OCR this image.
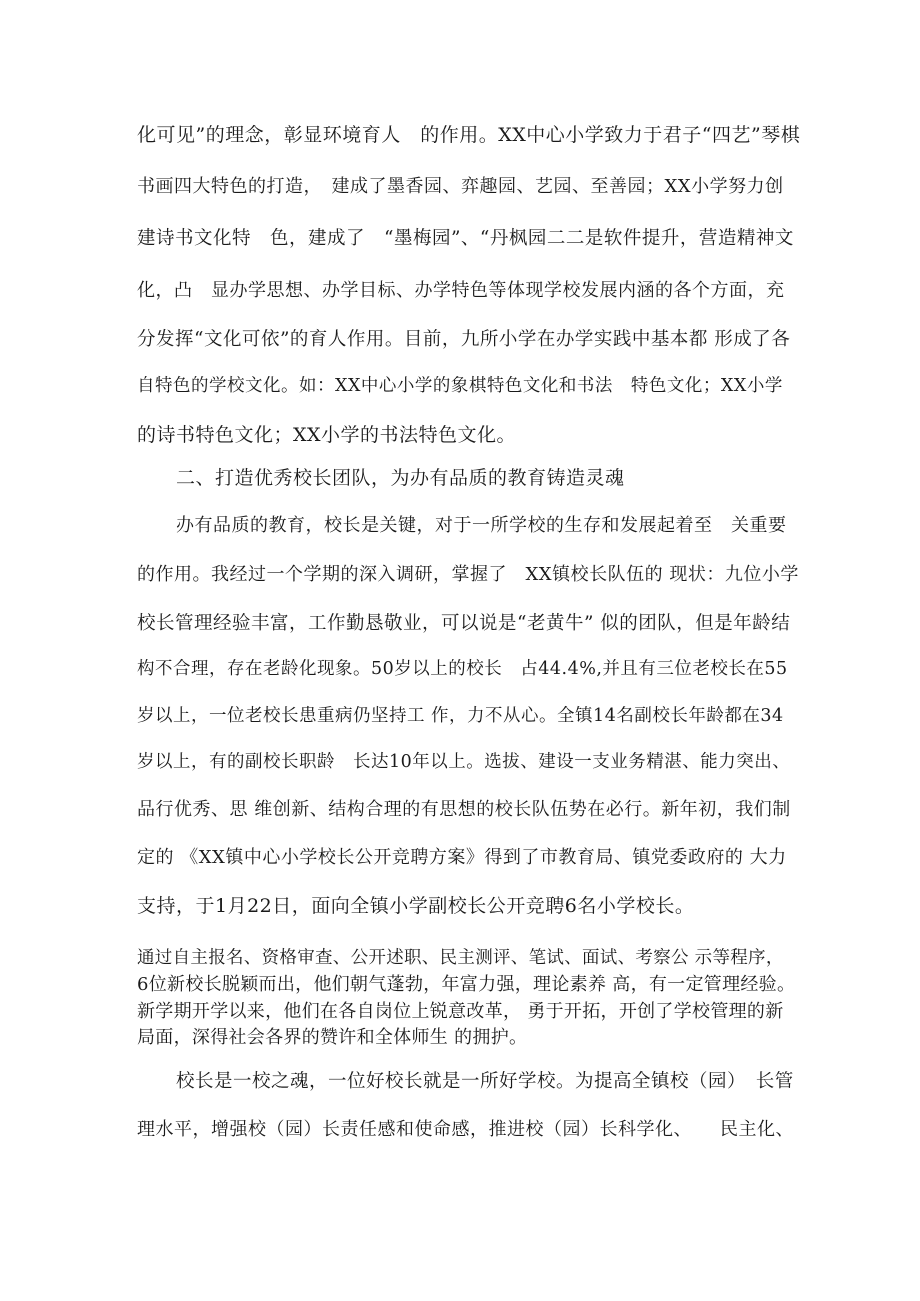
化可见”的理念，彰显环境育人　的作用。XX中心小学致力于君子“四艺”琴棋
书画四大特色的打造，　建成了墨香园、弈趣园、艺园、至善园；XX小学努力创
建诗书文化特　色，建成了　“墨梅园”、“丹枫园二二是软件提升，营造精神文
化，凸　显办学思想、办学目标、办学特色等体现学校发展内涵的各个方面，充
分发挥“文化可依”的育人作用。目前，九所小学在办学实践中基本都 形成了各
自特色的学校文化。如：XX中心小学的象棋特色文化和书法　特色文化；XX小学
的诗书特色文化；XX小学的书法特色文化。
二、打造优秀校长团队，为办有品质的教育铸造灵魂
办有品质的教育，校长是关键，对于一所学校的生存和发展起着至　关重要
的作用。我经过一个学期的深入调研，掌握了　XX镇校长队伍的 现状：九位小学
校长管理经验丰富，工作勤恳敬业，可以说是“老黄牛” 似的团队，但是年龄结
构不合理，存在老龄化现象。50岁以上的校长　占44.4%,并且有三位老校长在55
岁以上，一位老校长患重病仍坚持工 作，力不从心。全镇14名副校长年龄都在34
岁以上，有的副校长职龄　长达10年以上。选拔、建设一支业务精湛、能力突出、
品行优秀、思 维创新、结构合理的有思想的校长队伍势在必行。新年初，我们制
定的 《XX镇中心小学校长公开竞聘方案》得到了市教育局、镇党委政府的 大力
支持，于1月22日，面向全镇小学副校长公开竞聘6名小学校长。
通过自主报名、资格审查、公开述职、民主测评、笔试、面试、考察公 示等程序，
6位新校长脱颖而出，他们朝气蓬勃，年富力强，理论素养 高，有一定管理经验。
新学期开学以来，他们在各自岗位上锐意改革， 勇于开拓，开创了学校管理的新
局面，深得社会各界的赞许和全体师生 的拥护。
校长是一校之魂，一位好校长就是一所好学校。为提高全镇校（园）　长管
理水平，增强校（园）长责任感和使命感，推进校（园）长科学化、　　民主化、
